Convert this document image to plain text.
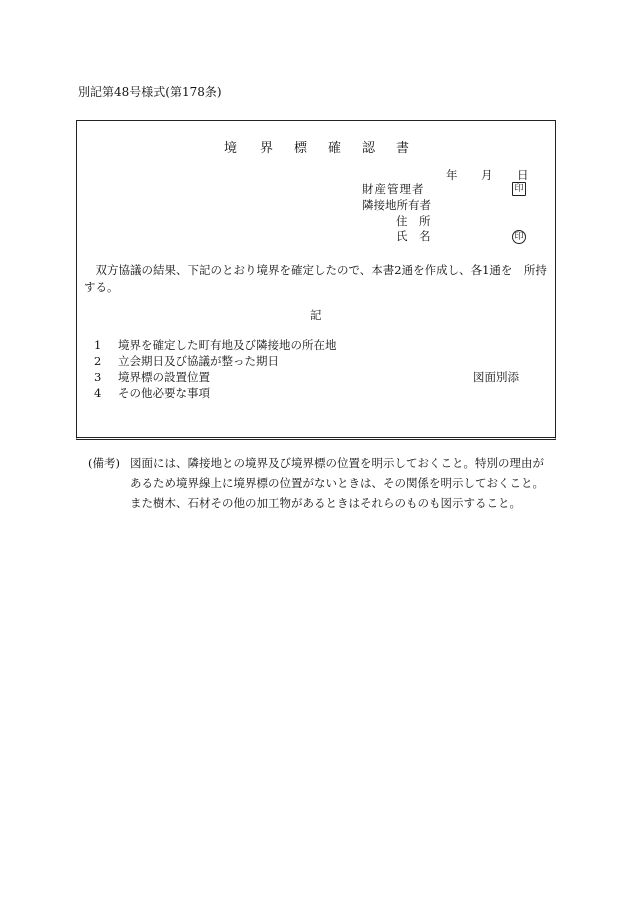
別記第48号様式(第178条)
境 界 標 確 認 書
年 月 日
財産管理者	印
隣接地所有者
住　所
氏　名	印
　双方協議の結果、下記のとおり境界を確定したので、本書2通を作成し、各1通を　所持する。
記
1 境界を確定した町有地及び隣接地の所在地
2 立会期日及び協議が整った期日
3 境界標の設置位置	図面別添
4 その他必要な事項
(備考) 図面には、隣接地との境界及び境界標の位置を明示しておくこと。特別の理由があるため境界線上に境界標の位置がないときは、その関係を明示しておくこと。また樹木、石材その他の加工物があるときはそれらのものも図示すること。
